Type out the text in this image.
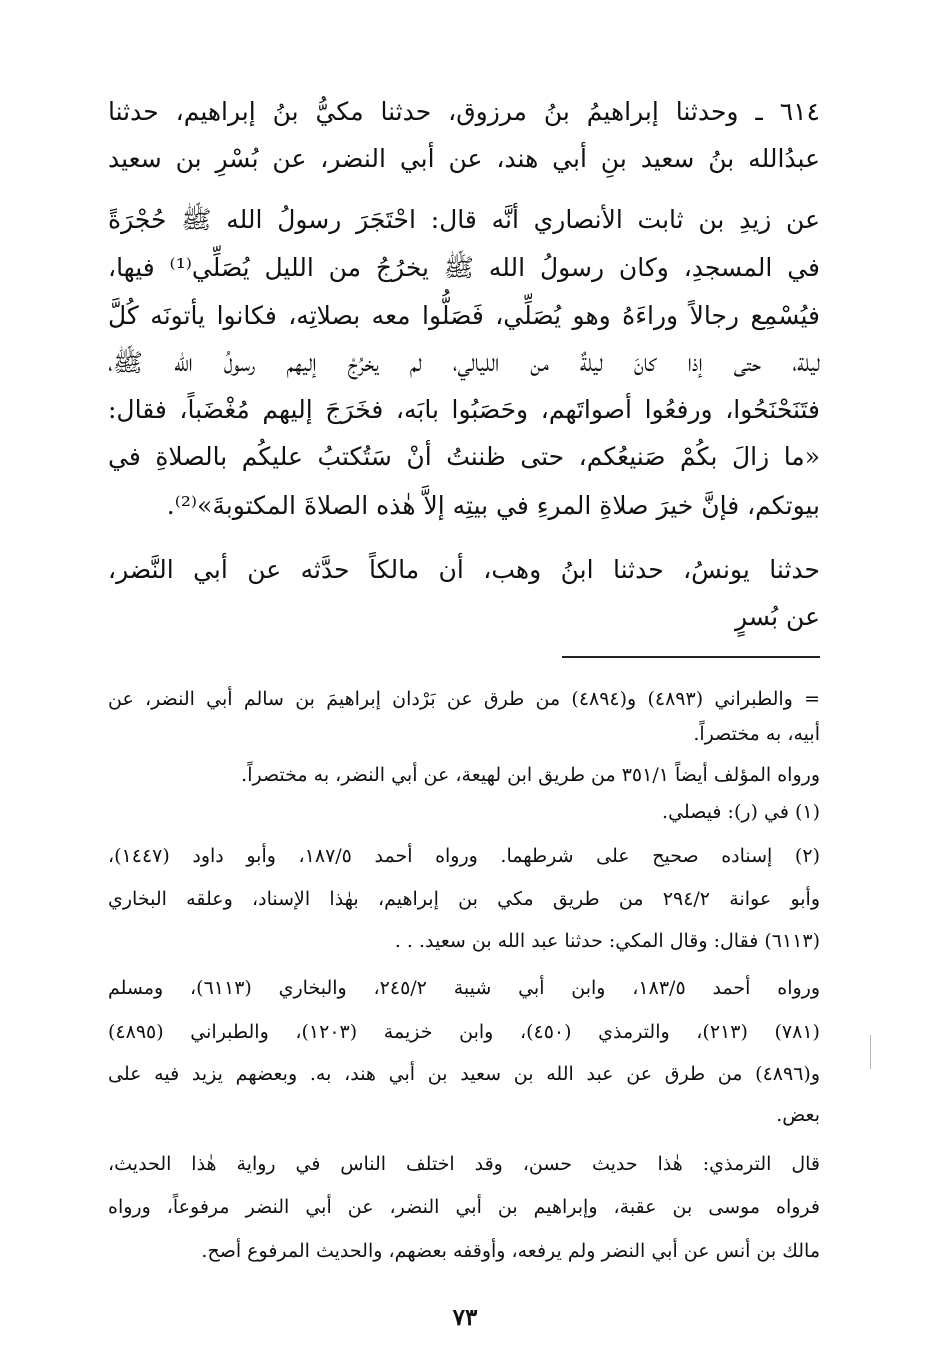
٦١٤ ـ وحدثنا إبراهيمُ بنُ مرزوق، حدثنا مكيُّ بنُ إبراهيم، حدثنا
عبدُالله بنُ سعيد بنِ أبي هند، عن أبي النضر، عن بُسْرِ بن سعيد
عن زيدِ بن ثابت الأنصاري أنَّه قال: احْتَجَرَ رسولُ الله ﷺ حُجْرَةً
في المسجدِ، وكان رسولُ الله ﷺ يخرُجُ من الليل يُصَلِّي⁽¹⁾ فيها،
فيُسْمِع رجالاً وراءَهُ وهو يُصَلِّي، فَصَلُّوا معه بصلاتِه، فكانوا يأتونَه كُلَّ
ليلة، حتى إذا كانَ ليلةٌ من الليالي، لم يخرُجْ إليهم رسولُ الله ﷺ،
فتَنَحْنَحُوا، ورفعُوا أصواتَهم، وحَصَبُوا بابَه، فخَرَجَ إليهم مُغْضَباً، فقال:
«ما زالَ بكُمْ صَنيعُكم، حتى ظننتُ أنْ سَتُكتبُ عليكُم بالصلاةِ في
بيوتكم، فإنَّ خيرَ صلاةِ المرءِ في بيتِه إلاَّ هٰذه الصلاةَ المكتوبةَ»⁽²⁾.
حدثنا يونسُ، حدثنا ابنُ وهب، أن مالكاً حدَّثه عن أبي النَّضر،
عن بُسرٍ
= والطبراني (٤٨٩٣) و(٤٨٩٤) من طرق عن بَرْدان إبراهيمَ بن سالم أبي النضر، عن
أبيه، به مختصراً.
ورواه المؤلف أيضاً ٣٥١/١ من طريق ابن لهيعة، عن أبي النضر، به مختصراً.
(١) في (ر): فيصلي.
(٢) إسناده صحيح على شرطهما. ورواه أحمد ١٨٧/٥، وأبو داود (١٤٤٧)،
وأبو عوانة ٢٩٤/٢ من طريق مكي بن إبراهيم، بهٰذا الإسناد، وعلقه البخاري
(٦١١٣) فقال: وقال المكي: حدثنا عبد الله بن سعيد. . .
ورواه أحمد ١٨٣/٥، وابن أبي شيبة ٢٤٥/٢، والبخاري (٦١١٣)، ومسلم
(٧٨١) (٢١٣)، والترمذي (٤٥٠)، وابن خزيمة (١٢٠٣)، والطبراني (٤٨٩٥)
و(٤٨٩٦) من طرق عن عبد الله بن سعيد بن أبي هند، به. وبعضهم يزيد فيه على
بعض.
قال الترمذي: هٰذا حديث حسن، وقد اختلف الناس في رواية هٰذا الحديث،
فرواه موسى بن عقبة، وإبراهيم بن أبي النضر، عن أبي النضر مرفوعاً، ورواه
مالك بن أنس عن أبي النضر ولم يرفعه، وأوقفه بعضهم، والحديث المرفوع أصح.
٧٣
